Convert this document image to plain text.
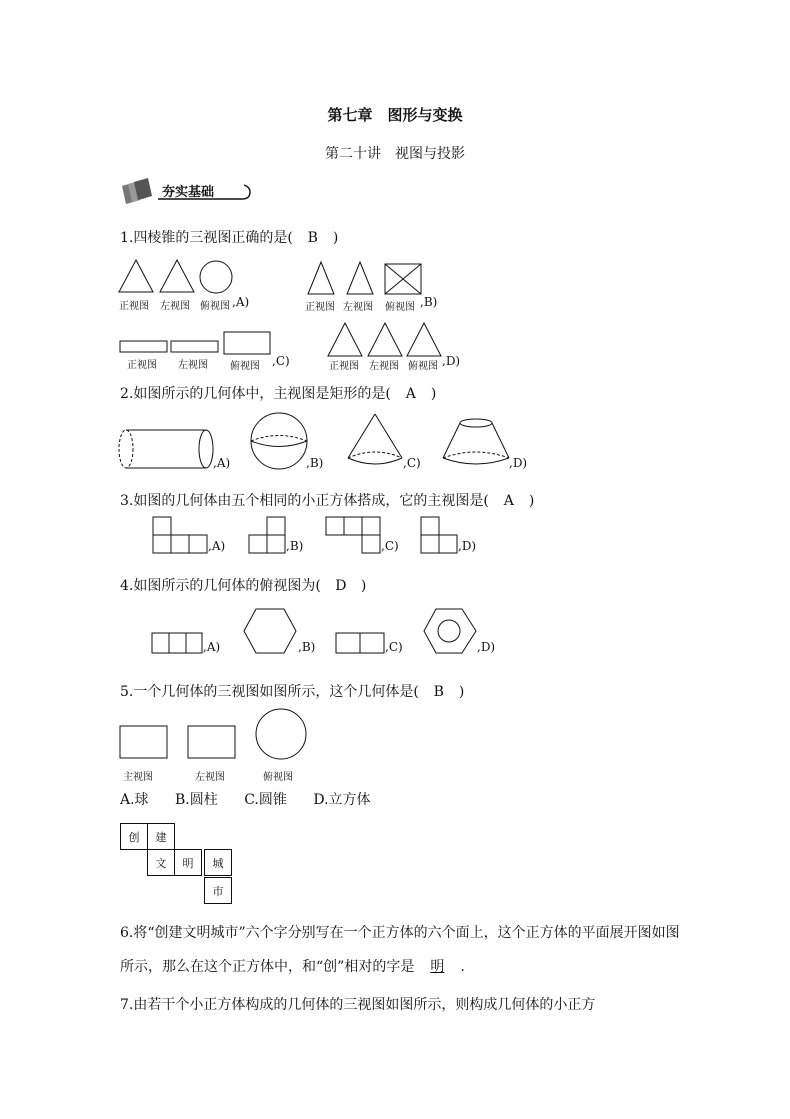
第七章　图形与变换
第二十讲　视图与投影
夯实基础
1.四棱锥的三视图正确的是( B )
正视图 左视图 俯视图 ,A)	正视图 左视图 俯视图 ,B)
正视图 左视图 俯视图 ,C)	正视图 左视图 俯视图 ,D)
2.如图所示的几何体中，主视图是矩形的是( A )
,A)	,B)	,C)	,D)
3.如图的几何体由五个相同的小正方体搭成，它的主视图是( A )
,A)	,B)	,C)	,D)
4.如图所示的几何体的俯视图为( D )
,A)	,B)	,C)	,D)
5.一个几何体的三视图如图所示，这个几何体是( B )
主视图	左视图	俯视图
A.球 B.圆柱 C.圆锥 D.立方体
创	建
文	明	城
市
6.将“创建文明城市”六个字分别写在一个正方体的六个面上，这个正方体的平面展开图如图所示，那么在这个正方体中，和“创”相对的字是 明 .
7.由若干个小正方体构成的几何体的三视图如图所示，则构成几何体的小正方
